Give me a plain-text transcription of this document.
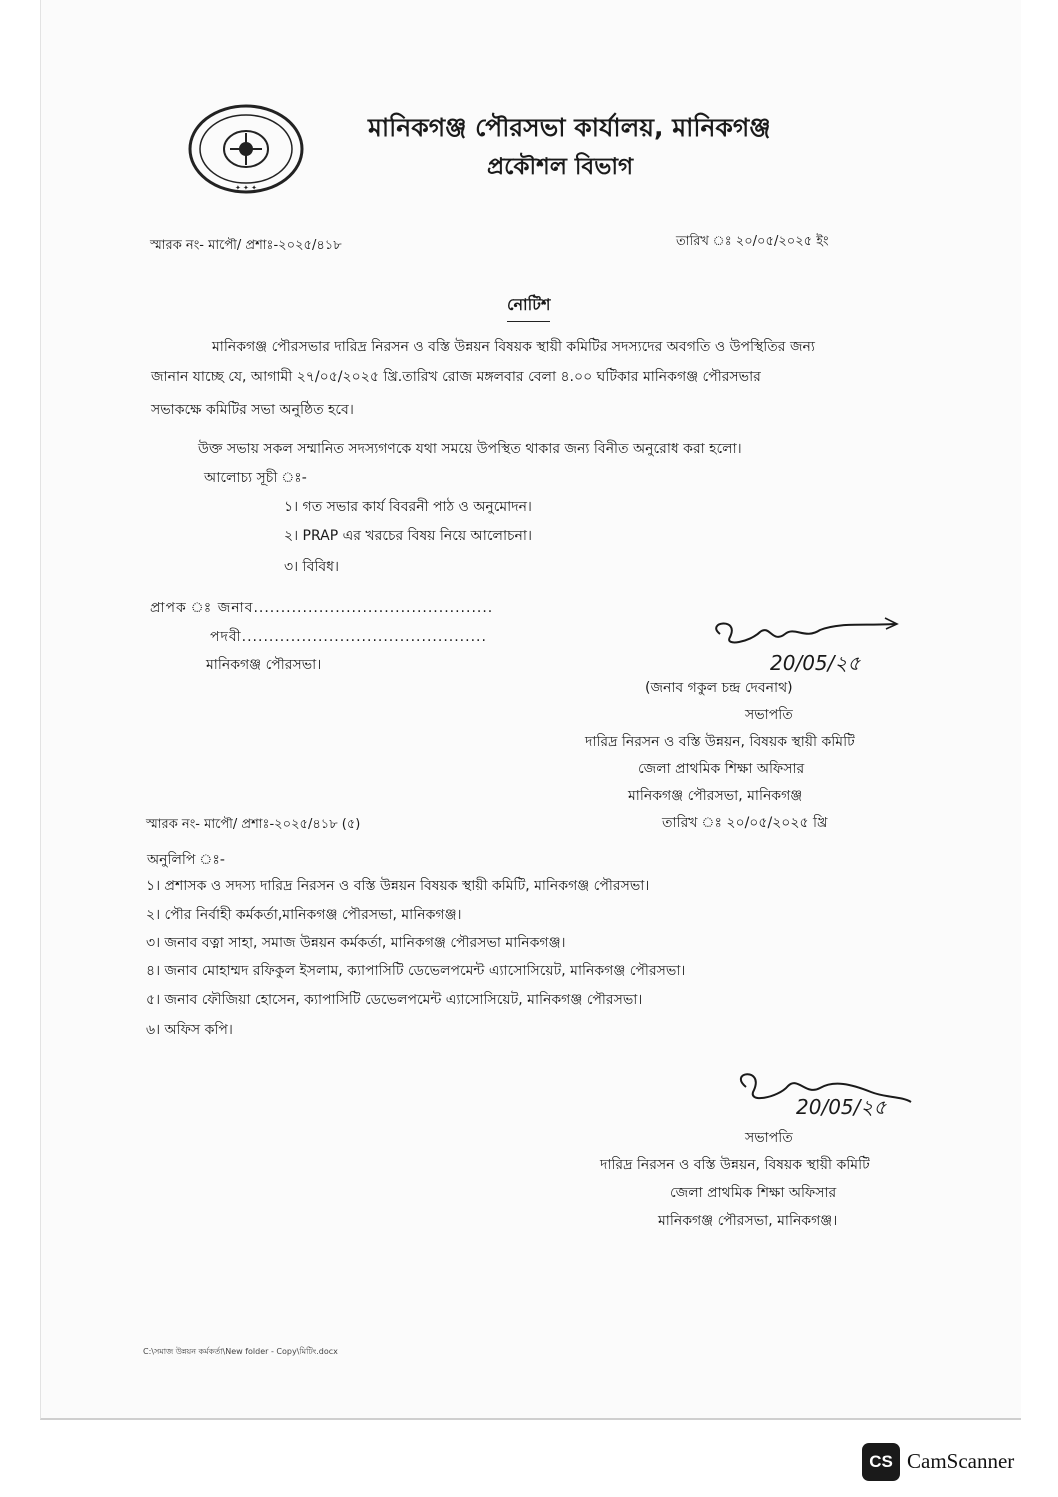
✦ ✦ ✦
মানিকগঞ্জ পৌরসভা কার্যালয়, মানিকগঞ্জ
প্রকৌশল বিভাগ
স্মারক নং- মাপৌ/ প্রশাঃ-২০২৫/৪১৮	তারিখ ঃ ২০/০৫/২০২৫ ইং
নোটিশ
মানিকগঞ্জ পৌরসভার দারিদ্র নিরসন ও বস্তি উন্নয়ন বিষয়ক স্থায়ী কমিটির সদস্যদের অবগতি ও উপস্থিতির জন্য
জানান যাচ্ছে যে, আগামী ২৭/০৫/২০২৫ খ্রি.তারিখ রোজ মঙ্গলবার বেলা ৪.০০ ঘটিকার মানিকগঞ্জ পৌরসভার
সভাকক্ষে কমিটির সভা অনুষ্ঠিত হবে।
উক্ত সভায় সকল সম্মানিত সদস্যগণকে যথা সময়ে উপস্থিত থাকার জন্য বিনীত অনুরোধ করা হলো।
আলোচ্য সূচী ঃ-
১। গত সভার কার্য বিবরনী পাঠ ও অনুমোদন।
২। PRAP এর খরচের বিষয় নিয়ে আলোচনা।
৩। বিবিধ।
প্রাপক ঃ জনাব............................................
পদবী.............................................
মানিকগঞ্জ পৌরসভা।	20/05/২৫
(জনাব গকুল চন্দ্র দেবনাথ)
সভাপতি
দারিদ্র নিরসন ও বস্তি উন্নয়ন, বিষয়ক স্থায়ী কমিটি
জেলা প্রাথমিক শিক্ষা অফিসার
মানিকগঞ্জ পৌরসভা, মানিকগঞ্জ
তারিখ ঃ ২০/০৫/২০২৫ খ্রি
স্মারক নং- মাপৌ/ প্রশাঃ-২০২৫/৪১৮ (৫)
অনুলিপি ঃ-
১। প্রশাসক ও সদস্য দারিদ্র নিরসন ও বস্তি উন্নয়ন বিষয়ক স্থায়ী কমিটি, মানিকগঞ্জ পৌরসভা।
২। পৌর নির্বাহী কর্মকর্তা,মানিকগঞ্জ পৌরসভা, মানিকগঞ্জ।
৩। জনাব বত্না সাহা, সমাজ উন্নয়ন কর্মকর্তা, মানিকগঞ্জ পৌরসভা মানিকগঞ্জ।
৪। জনাব মোহাম্মদ রফিকুল ইসলাম, ক্যাপাসিটি ডেভেলপমেন্ট এ্যাসোসিয়েট, মানিকগঞ্জ পৌরসভা।
৫। জনাব ফৌজিয়া হোসেন, ক্যাপাসিটি ডেভেলপমেন্ট এ্যাসোসিয়েট, মানিকগঞ্জ পৌরসভা।
৬। অফিস কপি।
20/05/২৫
সভাপতি
দারিদ্র নিরসন ও বস্তি উন্নয়ন, বিষয়ক স্থায়ী কমিটি
জেলা প্রাথমিক শিক্ষা অফিসার
মানিকগঞ্জ পৌরসভা, মানিকগঞ্জ।
C:\সমাজ উন্নয়ন কর্মকর্তা\New folder - Copy\মিটিং.docx
CS CamScanner
